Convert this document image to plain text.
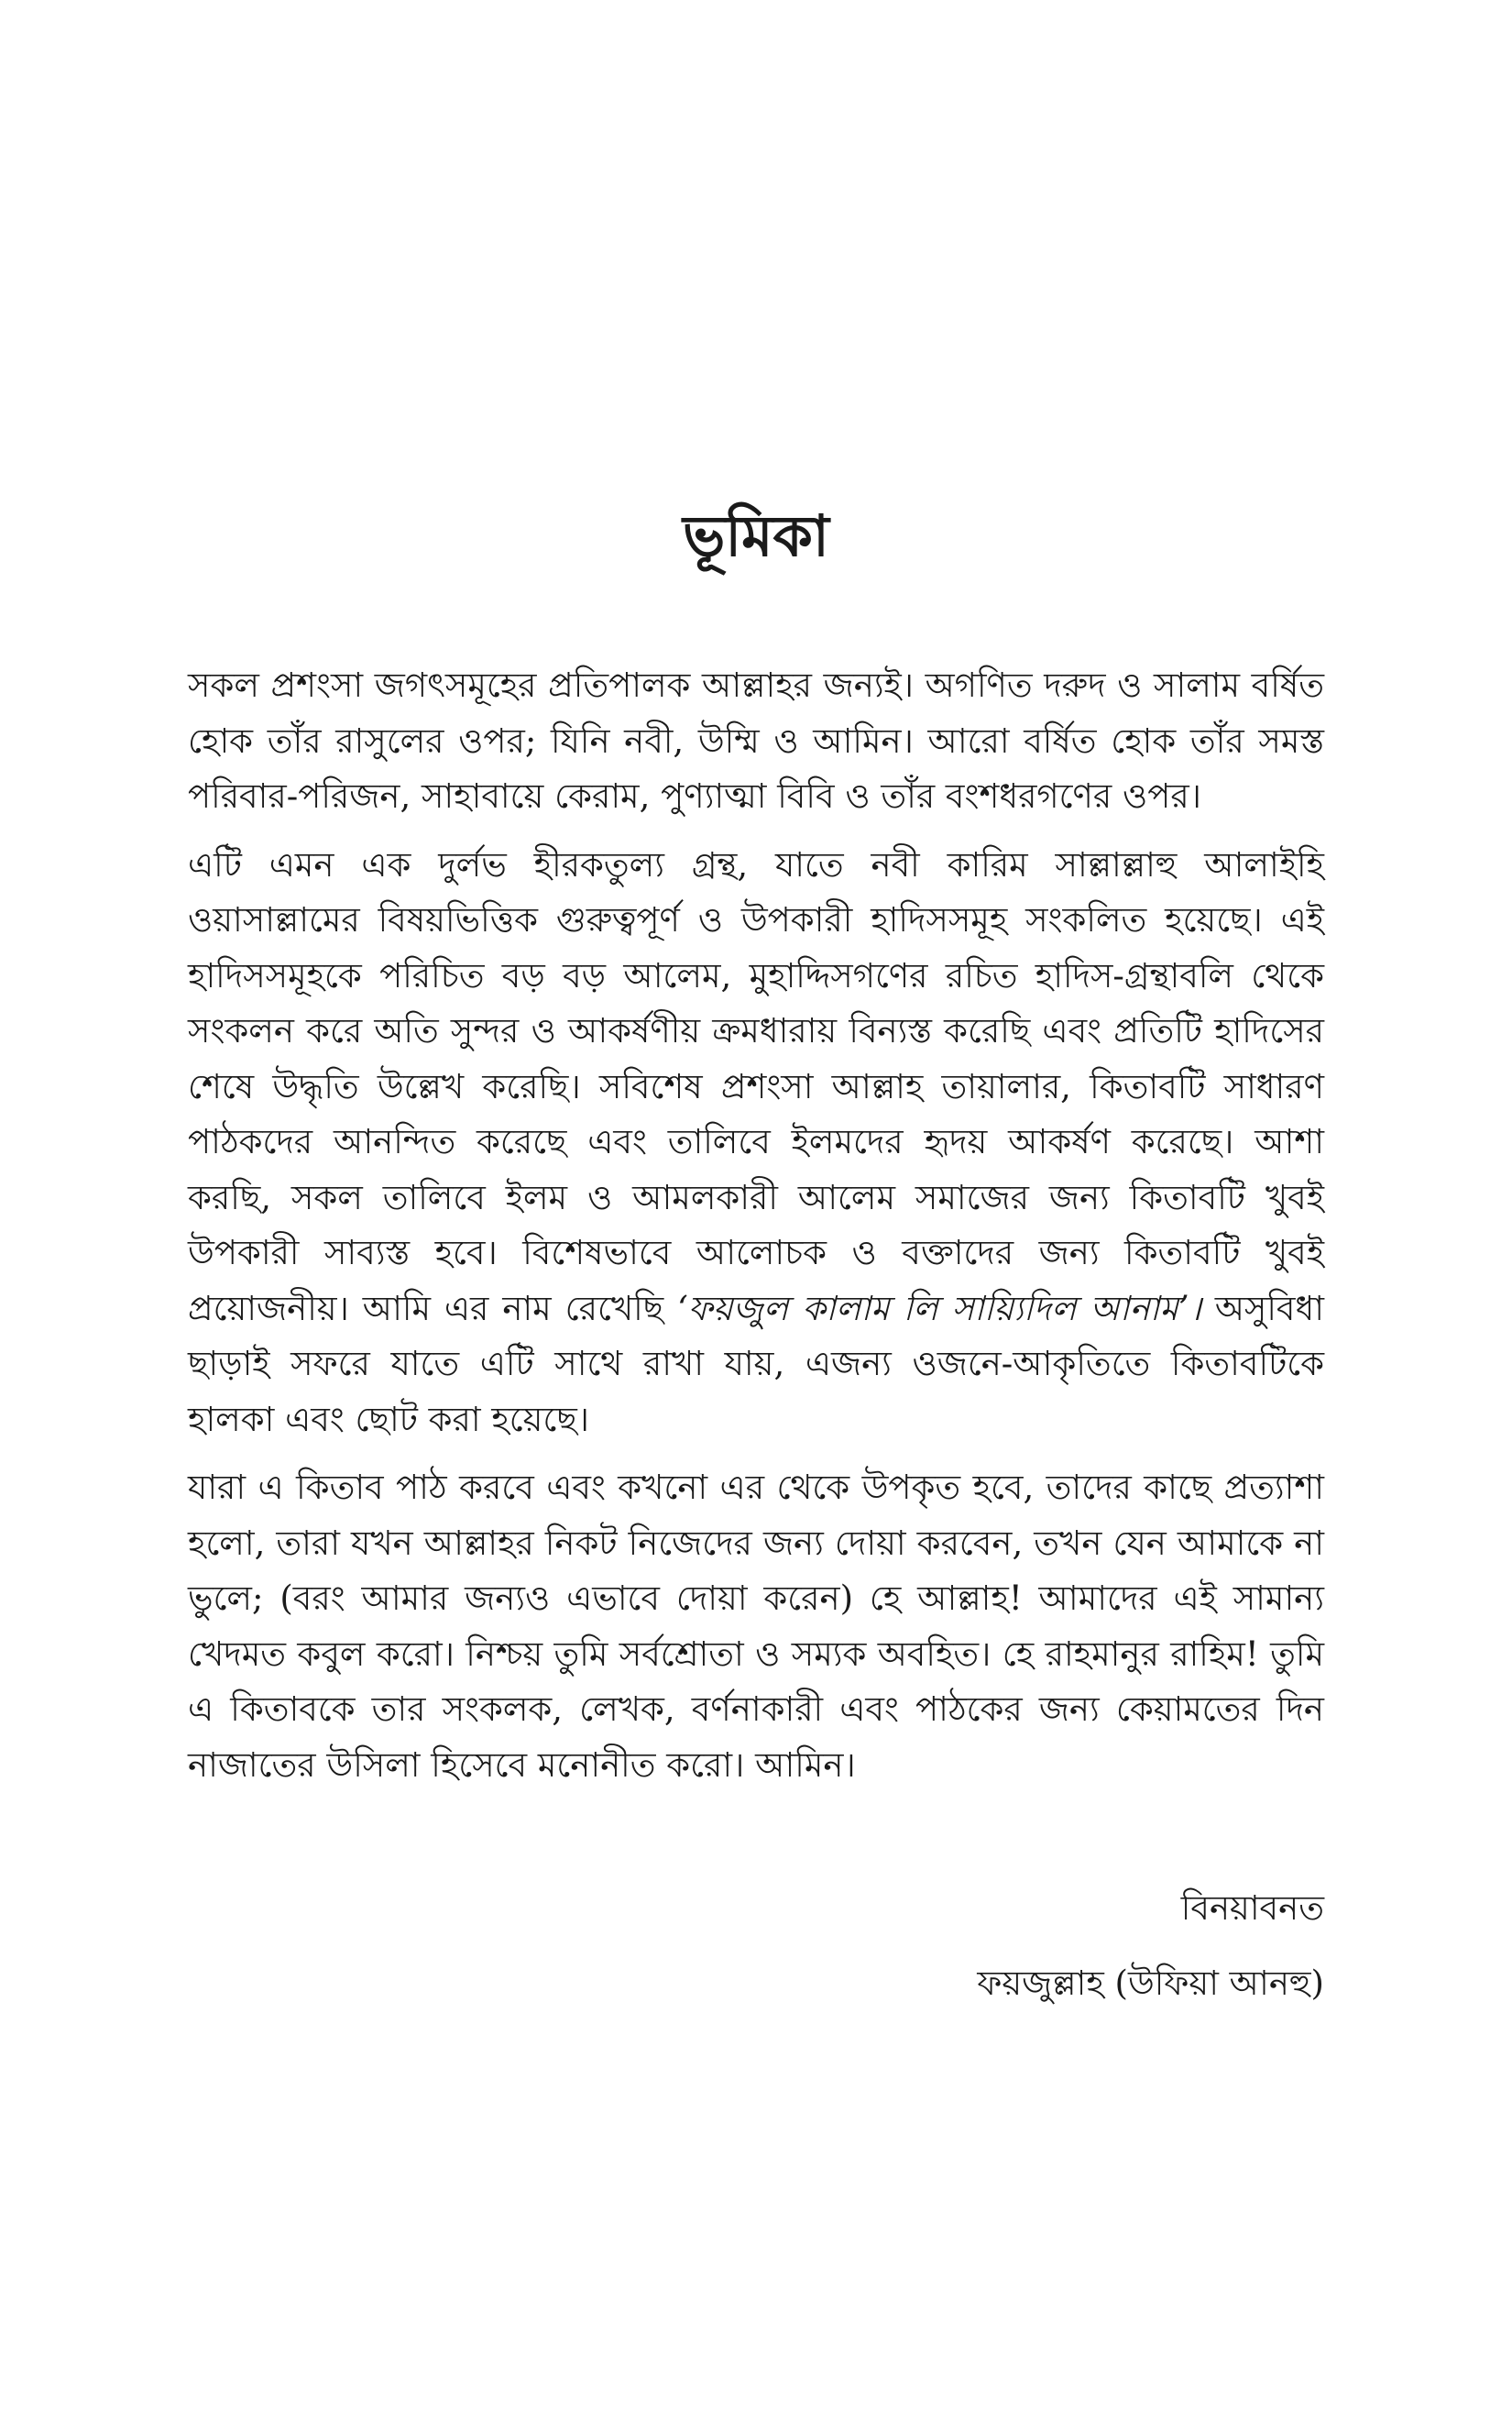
ভূমিকা

সকল প্রশংসা জগৎসমূহের প্রতিপালক আল্লাহর জন্যই। অগণিত দরুদ ও সালাম বর্ষিত হোক তাঁর রাসুলের ওপর; যিনি নবী, উম্মি ও আমিন। আরো বর্ষিত হোক তাঁর সমস্ত পরিবার-পরিজন, সাহাবায়ে কেরাম, পুণ্যাত্মা বিবি ও তাঁর বংশধরগণের ওপর।

এটি এমন এক দুর্লভ হীরকতুল্য গ্রন্থ, যাতে নবী কারিম সাল্লাল্লাহু আলাইহি ওয়াসাল্লামের বিষয়ভিত্তিক গুরুত্বপূর্ণ ও উপকারী হাদিসসমূহ সংকলিত হয়েছে। এই হাদিসসমূহকে পরিচিত বড় বড় আলেম, মুহাদ্দিসগণের রচিত হাদিস-গ্রন্থাবলি থেকে সংকলন করে অতি সুন্দর ও আকর্ষণীয় ক্রমধারায় বিন্যস্ত করেছি এবং প্রতিটি হাদিসের শেষে উদ্ধৃতি উল্লেখ করেছি। সবিশেষ প্রশংসা আল্লাহ তায়ালার, কিতাবটি সাধারণ পাঠকদের আনন্দিত করেছে এবং তালিবে ইলমদের হৃদয় আকর্ষণ করেছে। আশা করছি, সকল তালিবে ইলম ও আমলকারী আলেম সমাজের জন্য কিতাবটি খুবই উপকারী সাব্যস্ত হবে। বিশেষভাবে আলোচক ও বক্তাদের জন্য কিতাবটি খুবই প্রয়োজনীয়। আমি এর নাম রেখেছি ‘ফয়জুল কালাম লি সায়্যিদিল আনাম’। অসুবিধা ছাড়াই সফরে যাতে এটি সাথে রাখা যায়, এজন্য ওজনে-আকৃতিতে কিতাবটিকে হালকা এবং ছোট করা হয়েছে।

যারা এ কিতাব পাঠ করবে এবং কখনো এর থেকে উপকৃত হবে, তাদের কাছে প্রত্যাশা হলো, তারা যখন আল্লাহর নিকট নিজেদের জন্য দোয়া করবেন, তখন যেন আমাকে না ভুলে; (বরং আমার জন্যও এভাবে দোয়া করেন) হে আল্লাহ! আমাদের এই সামান্য খেদমত কবুল করো। নিশ্চয় তুমি সর্বশ্রোতা ও সম্যক অবহিত। হে রাহমানুর রাহিম! তুমি এ কিতাবকে তার সংকলক, লেখক, বর্ণনাকারী এবং পাঠকের জন্য কেয়ামতের দিন নাজাতের উসিলা হিসেবে মনোনীত করো। আমিন।

বিনয়াবনত

ফয়জুল্লাহ (উফিয়া আনহু)
